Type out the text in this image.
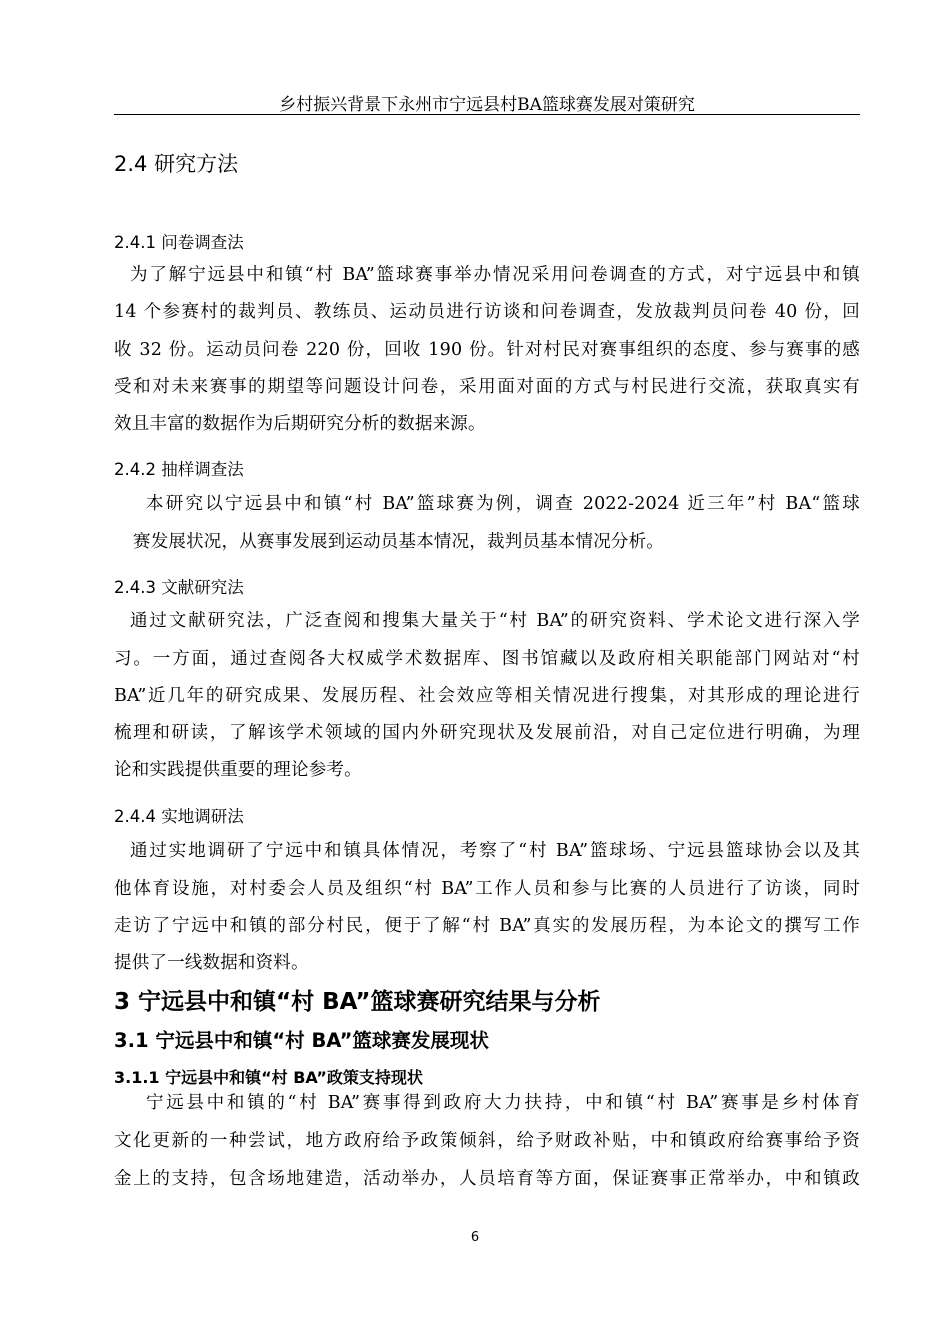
乡村振兴背景下永州市宁远县村BA篮球赛发展对策研究
2.4 研究方法
2.4.1 问卷调查法
为了解宁远县中和镇“村 BA”篮球赛事举办情况采用问卷调查的方式，对宁远县中和镇
14 个参赛村的裁判员、教练员、运动员进行访谈和问卷调查，发放裁判员问卷 40 份，回
收 32 份。运动员问卷 220 份，回收 190 份。针对村民对赛事组织的态度、参与赛事的感
受和对未来赛事的期望等问题设计问卷，采用面对面的方式与村民进行交流，获取真实有
效且丰富的数据作为后期研究分析的数据来源。
2.4.2 抽样调查法
本研究以宁远县中和镇“村 BA”篮球赛为例，调查 2022-2024 近三年”村 BA“篮球
赛发展状况，从赛事发展到运动员基本情况，裁判员基本情况分析。
2.4.3 文献研究法
通过文献研究法，广泛查阅和搜集大量关于“村 BA”的研究资料、学术论文进行深入学
习。一方面，通过查阅各大权威学术数据库、图书馆藏以及政府相关职能部门网站对“村
BA”近几年的研究成果、发展历程、社会效应等相关情况进行搜集，对其形成的理论进行
梳理和研读，了解该学术领域的国内外研究现状及发展前沿，对自己定位进行明确，为理
论和实践提供重要的理论参考。
2.4.4 实地调研法
通过实地调研了宁远中和镇具体情况，考察了“村 BA”篮球场、宁远县篮球协会以及其
他体育设施，对村委会人员及组织“村 BA”工作人员和参与比赛的人员进行了访谈，同时
走访了宁远中和镇的部分村民，便于了解“村 BA”真实的发展历程，为本论文的撰写工作
提供了一线数据和资料。
3 宁远县中和镇“村 BA”篮球赛研究结果与分析
3.1 宁远县中和镇“村 BA”篮球赛发展现状
3.1.1 宁远县中和镇“村 BA”政策支持现状
宁远县中和镇的“村 BA”赛事得到政府大力扶持，中和镇“村 BA”赛事是乡村体育
文化更新的一种尝试，地方政府给予政策倾斜，给予财政补贴，中和镇政府给赛事给予资
金上的支持，包含场地建造，活动举办，人员培育等方面，保证赛事正常举办，中和镇政
6
